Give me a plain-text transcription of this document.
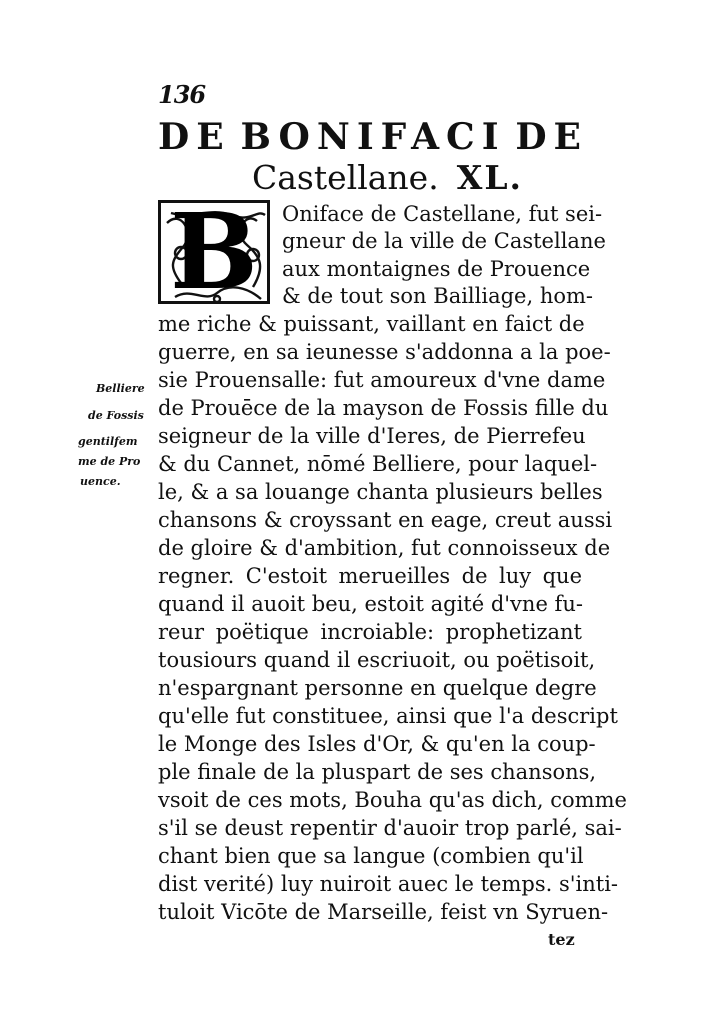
136
DE BONIFACI DE
Castellane. XL.
B Oniface de Castellane, fut sei-
gneur de la ville de Castellane
aux montaignes de Prouence
& de tout son Bailliage, hom-
me riche & puissant, vaillant en faict de
guerre, en sa ieunesse s'addonna a la poe-
sie Prouensalle: fut amoureux d'vne dame
de Prouēce de la mayson de Fossis fille du
seigneur de la ville d'Ieres, de Pierrefeu
& du Cannet, nōmé Belliere, pour laquel-
le, & a sa louange chanta plusieurs belles
chansons & croyssant en eage, creut aussi
de gloire & d'ambition, fut connoisseux de
regner. C'estoit merueilles de luy que
quand il auoit beu, estoit agité d'vne fu-
reur poëtique incroiable: prophetizant
tousiours quand il escriuoit, ou poëtisoit,
n'espargnant personne en quelque degre
qu'elle fut constituee, ainsi que l'a descript
le Monge des Isles d'Or, & qu'en la coup-
ple finale de la pluspart de ses chansons,
vsoit de ces mots, Bouha qu'as dich, comme
s'il se deust repentir d'auoir trop parlé, sai-
chant bien que sa langue (combien qu'il
dist verité) luy nuiroit auec le temps. s'inti-
tuloit Vicōte de Marseille, feist vn Syruen-
Belliere
de Fossis
gentilfem
me de Pro
uence.
tez
